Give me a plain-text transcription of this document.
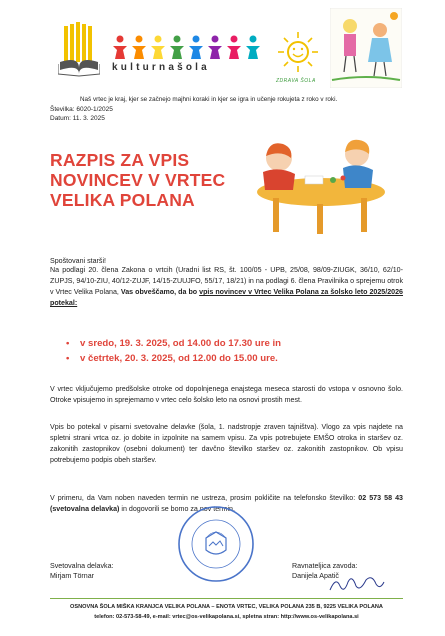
kulturnašola
ZDRAVA ŠOLA
Naš vrtec je kraj, kjer se začnejo majhni koraki in kjer se igra in učenje rokujeta z roko v roki.
Številka: 6020-1/2025
Datum: 11. 3. 2025
RAZPIS ZA VPIS NOVINCEV V VRTEC VELIKA POLANA
Spoštovani starši!
Na podlagi 20. člena Zakona o vrtcih (Uradni list RS, št. 100/05 - UPB, 25/08, 98/09-ZIUGK, 36/10, 62/10-ZUPJS, 94/10-ZIU, 40/12-ZUJF, 14/15-ZUUJFO, 55/17, 18/21) in na podlagi 6. člena Pravilnika o sprejemu otrok v Vrtec Velika Polana, Vas obveščamo, da bo vpis novincev v Vrtec Velika Polana za šolsko leto 2025/2026 potekal:
• v sredo, 19. 3. 2025, od 14.00 do 17.30 ure in
• v četrtek, 20. 3. 2025, od 12.00 do 15.00 ure.
V vrtec vključujemo predšolske otroke od dopolnjenega enajstega meseca starosti do vstopa v osnovno šolo. Otroke vpisujemo in sprejemamo v vrtec celo šolsko leto na osnovi prostih mest.
Vpis bo potekal v pisarni svetovalne delavke (šola, 1. nadstropje zraven tajništva). Vlogo za vpis najdete na spletni strani vrtca oz. jo dobite in izpolnite na samem vpisu. Za vpis potrebujete EMŠO otroka in staršev oz. zakonitih zastopnikov (osebni dokument) ter davčno številko staršev oz. zakonitih zastopnikov. Ob vpisu potrebujemo podpis obeh staršev.
V primeru, da Vam noben naveden termin ne ustreza, prosim pokličite na telefonsko številko: 02 573 58 43 (svetovalna delavka) in dogovorili se bomo za nov termin.
Svetovalna delavka:
Mirjam Törnar
Ravnateljica zavoda:
Danijela Apatič
OSNOVNA ŠOLA MIŠKA KRANJCA VELIKA POLANA – ENOTA VRTEC, VELIKA POLANA 235 B, 9225 VELIKA POLANA
telefon: 02-573-58-49, e-mail: vrtec@os-velikapolana.si, spletna stran: http://www.os-velikapolana.si
